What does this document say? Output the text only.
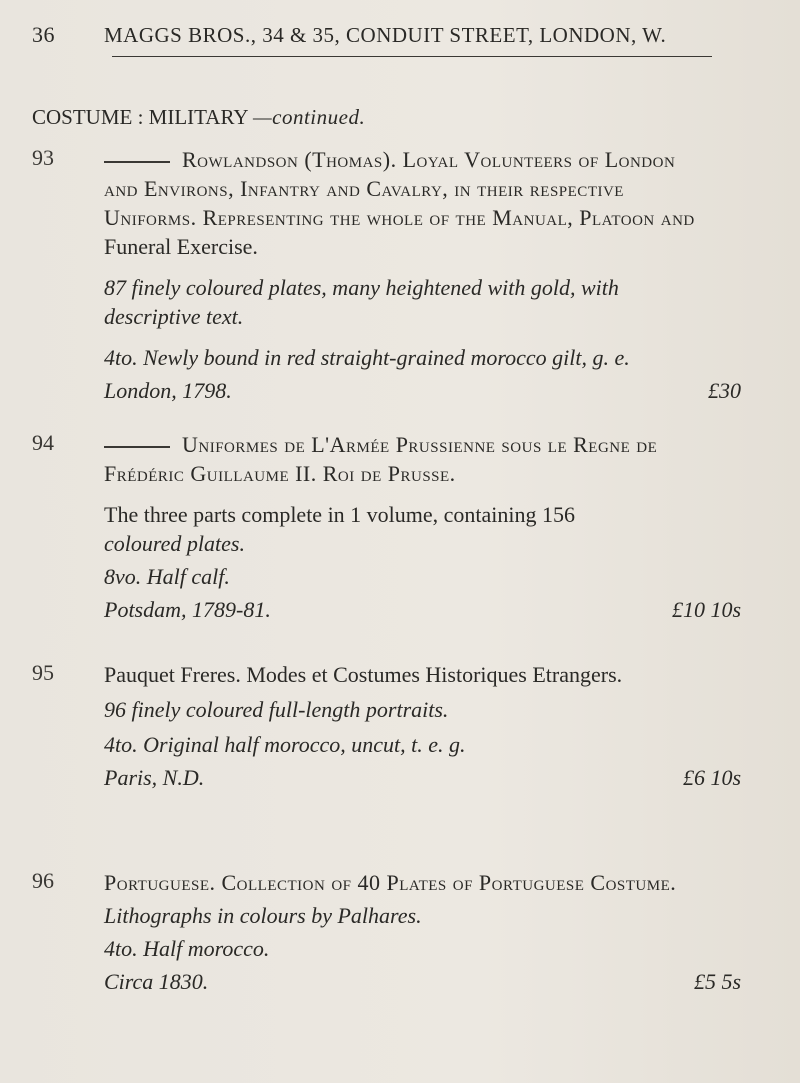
36 MAGGS BROS., 34 & 35, CONDUIT STREET, LONDON, W.
COSTUME : MILITARY —continued.
93	Rowlandson (Thomas). Loyal Volunteers of London
and Environs, Infantry and Cavalry, in their respective
Uniforms. Representing the whole of the Manual, Platoon and
Funeral Exercise.
87 finely coloured plates, many heightened with gold, with
descriptive text.
4to. Newly bound in red straight-grained morocco gilt, g. e.
London, 1798.	£30
94	Uniformes de L'Armée Prussienne sous le Regne de
Frédéric Guillaume II. Roi de Prusse.
The three parts complete in 1 volume, containing 156
coloured plates.
8vo. Half calf.
Potsdam, 1789-81.	£10 10s
95 Pauquet Freres. Modes et Costumes Historiques Etrangers.
96 finely coloured full-length portraits.
4to. Original half morocco, uncut, t. e. g.
Paris, N.D.	£6 10s
96 Portuguese. Collection of 40 Plates of Portuguese Costume.
Lithographs in colours by Palhares.
4to. Half morocco.
Circa 1830.	£5 5s
